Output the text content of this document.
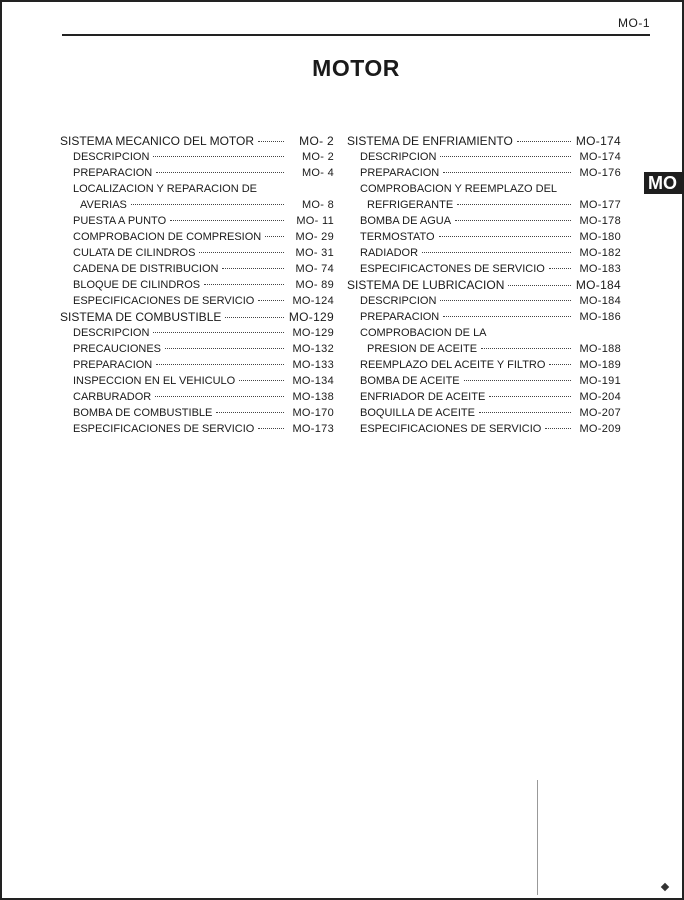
MO-1
MOTOR
MO
SISTEMA MECANICO DEL MOTOR	MO- 2
DESCRIPCION	MO- 2
PREPARACION	MO- 4
LOCALIZACION Y REPARACION DE
AVERIAS	MO- 8
PUESTA A PUNTO	MO- 11
COMPROBACION DE COMPRESION	MO- 29
CULATA DE CILINDROS	MO- 31
CADENA DE DISTRIBUCION	MO- 74
BLOQUE DE CILINDROS	MO- 89
ESPECIFICACIONES DE SERVICIO	MO-124
SISTEMA DE COMBUSTIBLE	MO-129
DESCRIPCION	MO-129
PRECAUCIONES	MO-132
PREPARACION	MO-133
INSPECCION EN EL VEHICULO	MO-134
CARBURADOR	MO-138
BOMBA DE COMBUSTIBLE	MO-170
ESPECIFICACIONES DE SERVICIO	MO-173
SISTEMA DE ENFRIAMIENTO	MO-174
DESCRIPCION	MO-174
PREPARACION	MO-176
COMPROBACION Y REEMPLAZO DEL
REFRIGERANTE	MO-177
BOMBA DE AGUA	MO-178
TERMOSTATO	MO-180
RADIADOR	MO-182
ESPECIFICACTONES DE SERVICIO	MO-183
SISTEMA DE LUBRICACION	MO-184
DESCRIPCION	MO-184
PREPARACION	MO-186
COMPROBACION DE LA
PRESION DE ACEITE	MO-188
REEMPLAZO DEL ACEITE Y FILTRO	MO-189
BOMBA DE ACEITE	MO-191
ENFRIADOR DE ACEITE	MO-204
BOQUILLA DE ACEITE	MO-207
ESPECIFICACIONES DE SERVICIO	MO-209
